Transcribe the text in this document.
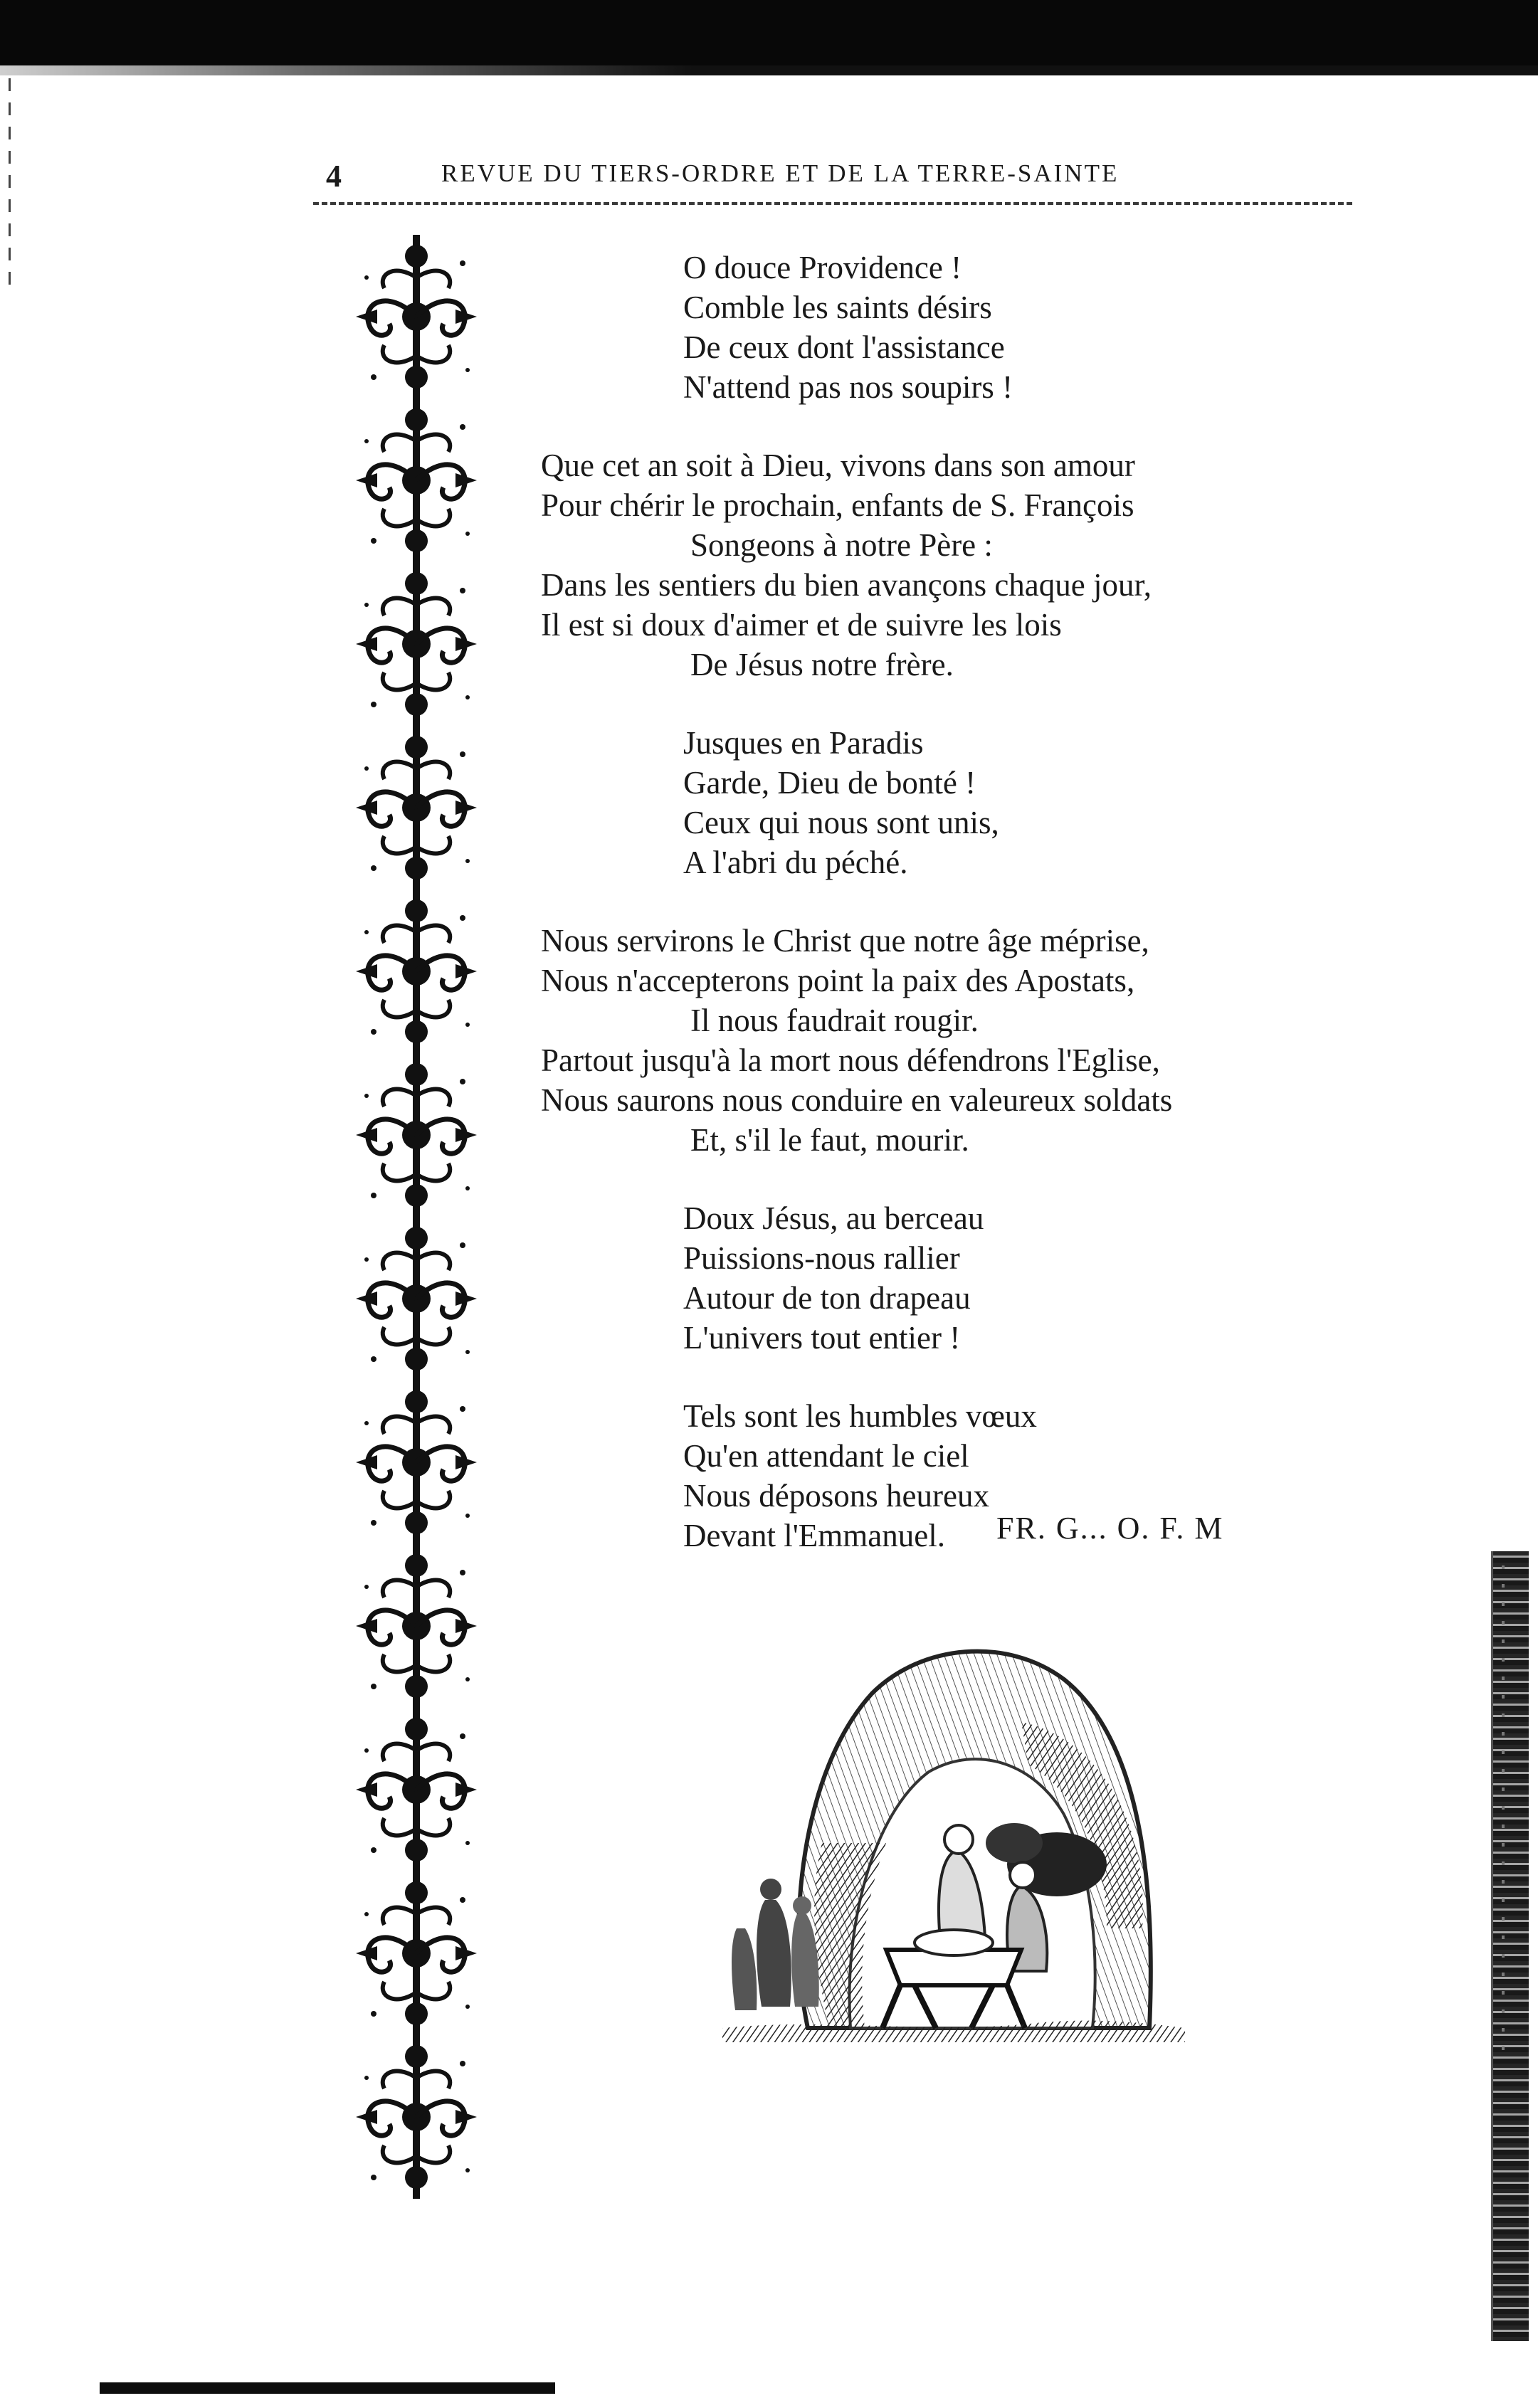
4	REVUE DU TIERS-ORDRE ET DE LA TERRE-SAINTE
O douce Providence !
Comble les saints désirs
De ceux dont l'assistance
N'attend pas nos soupirs !
Que cet an soit à Dieu, vivons dans son amour
Pour chérir le prochain, enfants de S. François
Songeons à notre Père :
Dans les sentiers du bien avançons chaque jour,
Il est si doux d'aimer et de suivre les lois
De Jésus notre frère.
Jusques en Paradis
Garde, Dieu de bonté !
Ceux qui nous sont unis,
A l'abri du péché.
Nous servirons le Christ que notre âge méprise,
Nous n'accepterons point la paix des Apostats,
Il nous faudrait rougir.
Partout jusqu'à la mort nous défendrons l'Eglise,
Nous saurons nous conduire en valeureux soldats
Et, s'il le faut, mourir.
Doux Jésus, au berceau
Puissions-nous rallier
Autour de ton drapeau
L'univers tout entier !
Tels sont les humbles vœux
Qu'en attendant le ciel
Nous déposons heureux
Devant l'Emmanuel.	FR. G... O. F. M
